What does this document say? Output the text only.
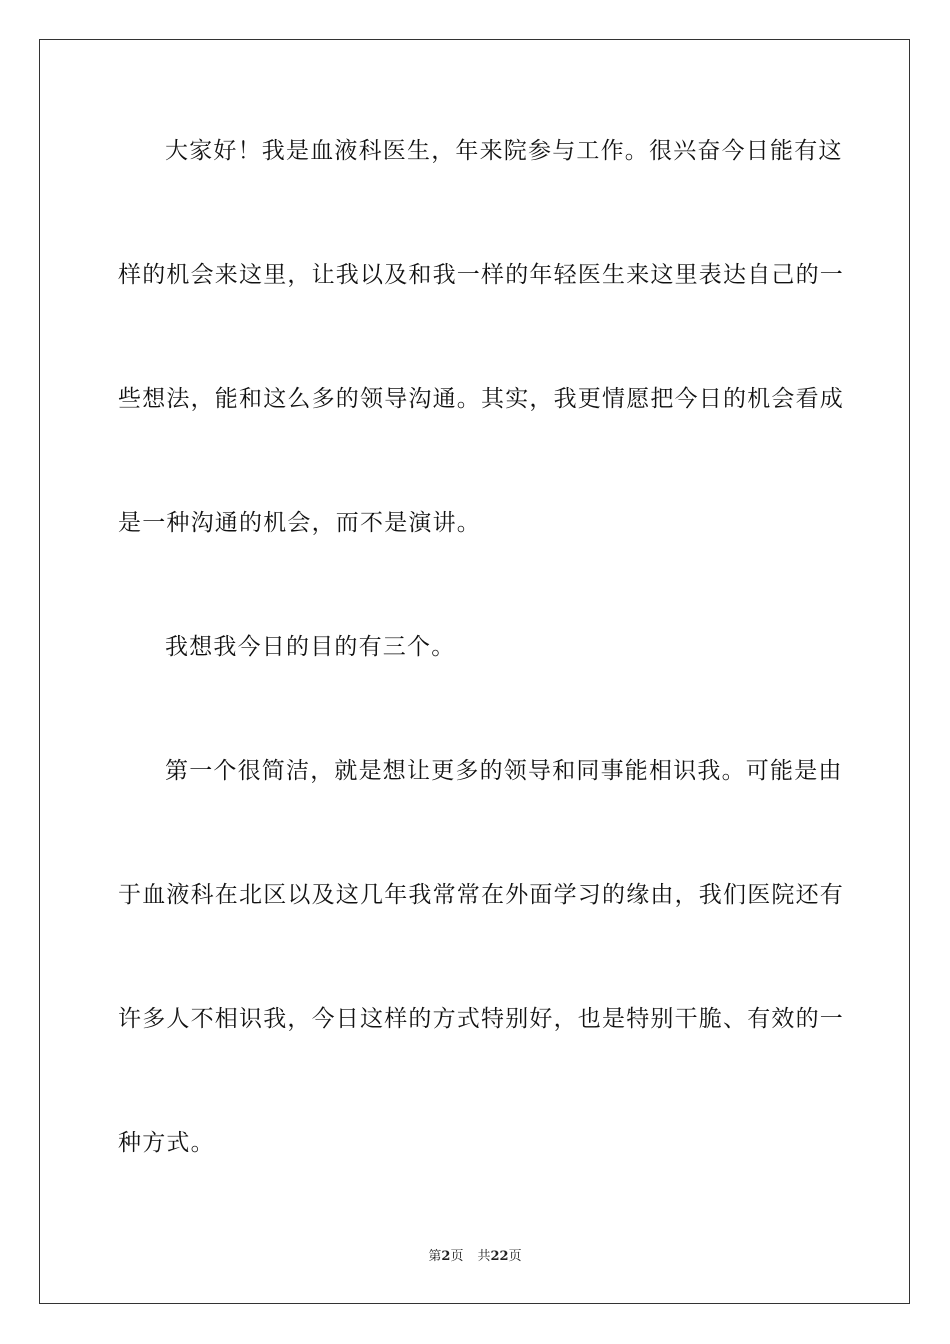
大家好！我是血液科医生，年来院参与工作。很兴奋今日能有这
样的机会来这里，让我以及和我一样的年轻医生来这里表达自己的一
些想法，能和这么多的领导沟通。其实，我更情愿把今日的机会看成
是一种沟通的机会，而不是演讲。
我想我今日的目的有三个。
第一个很简洁，就是想让更多的领导和同事能相识我。可能是由
于血液科在北区以及这几年我常常在外面学习的缘由，我们医院还有
许多人不相识我，今日这样的方式特别好，也是特别干脆、有效的一
种方式。
第2页 共22页
